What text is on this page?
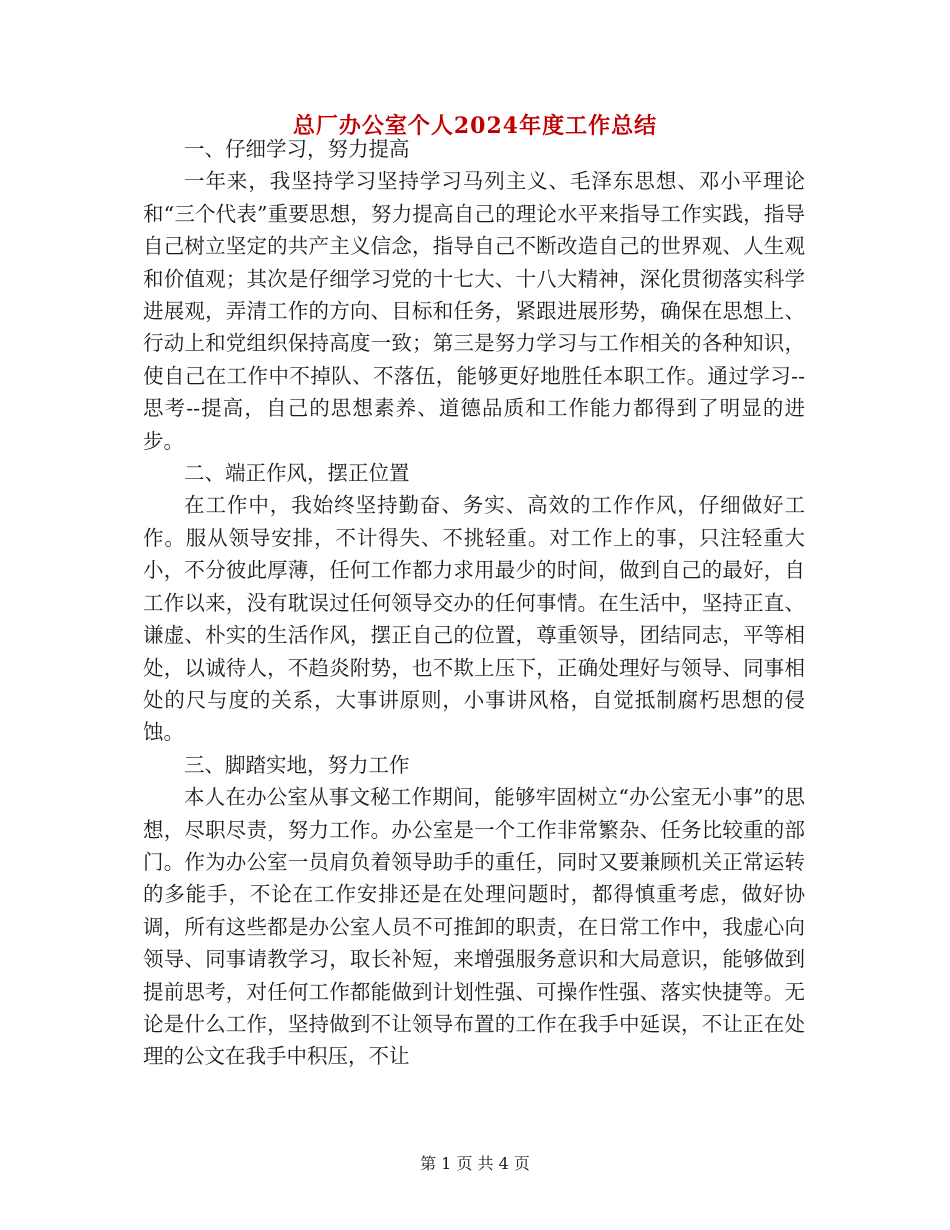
总厂办公室个人2024年度工作总结

一、仔细学习，努力提高

一年来，我坚持学习坚持学习马列主义、毛泽东思想、邓小平理论和“三个代表”重要思想，努力提高自己的理论水平来指导工作实践，指导自己树立坚定的共产主义信念，指导自己不断改造自己的世界观、人生观和价值观；其次是仔细学习党的十七大、十八大精神，深化贯彻落实科学进展观，弄清工作的方向、目标和任务，紧跟进展形势，确保在思想上、行动上和党组织保持高度一致；第三是努力学习与工作相关的各种知识，使自己在工作中不掉队、不落伍，能够更好地胜任本职工作。通过学习--思考--提高，自己的思想素养、道德品质和工作能力都得到了明显的进步。

二、端正作风，摆正位置

在工作中，我始终坚持勤奋、务实、高效的工作作风，仔细做好工作。服从领导安排，不计得失、不挑轻重。对工作上的事，只注轻重大小，不分彼此厚薄，任何工作都力求用最少的时间，做到自己的最好，自工作以来，没有耽误过任何领导交办的任何事情。在生活中，坚持正直、谦虚、朴实的生活作风，摆正自己的位置，尊重领导，团结同志，平等相处，以诚待人，不趋炎附势，也不欺上压下，正确处理好与领导、同事相处的尺与度的关系，大事讲原则，小事讲风格，自觉抵制腐朽思想的侵蚀。

三、脚踏实地，努力工作

本人在办公室从事文秘工作期间，能够牢固树立“办公室无小事”的思想，尽职尽责，努力工作。办公室是一个工作非常繁杂、任务比较重的部门。作为办公室一员肩负着领导助手的重任，同时又要兼顾机关正常运转的多能手，不论在工作安排还是在处理问题时，都得慎重考虑，做好协调，所有这些都是办公室人员不可推卸的职责，在日常工作中，我虚心向领导、同事请教学习，取长补短，来增强服务意识和大局意识，能够做到提前思考，对任何工作都能做到计划性强、可操作性强、落实快捷等。无论是什么工作，坚持做到不让领导布置的工作在我手中延误，不让正在处理的公文在我手中积压，不让

第 1 页 共 4 页
